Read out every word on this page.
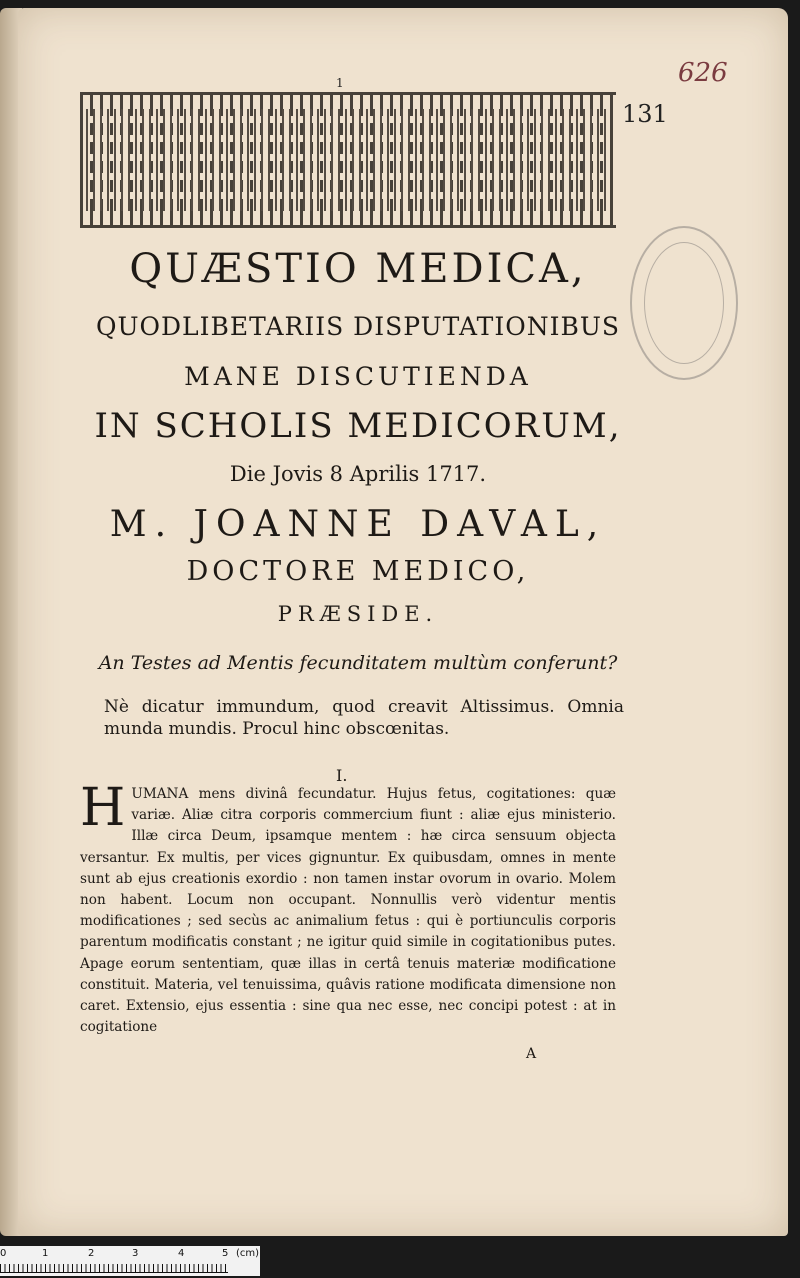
1	626
131
QUÆSTIO MEDICA,
QUODLIBETARIIS DISPUTATIONIBUS
MANE DISCUTIENDA
IN SCHOLIS MEDICORUM,
Die Jovis 8 Aprilis 1717.
M. JOANNE DAVAL,
DOCTORE MEDICO,
PRÆSIDE.
An Testes ad Mentis fecunditatem multùm conferunt?
Nè dicatur immundum, quod creavit Altissimus. Omnia munda mundis. Procul hinc obscœnitas.
I.
HUMANA mens divinâ fecundatur. Hujus fetus, cogitationes: quæ variæ. Aliæ citra corporis commercium fiunt : aliæ ejus ministerio. Illæ circa Deum, ipsamque mentem : hæ circa sensuum objecta versantur. Ex multis, per vices gignuntur. Ex quibusdam, omnes in mente sunt ab ejus creationis exordio : non tamen instar ovorum in ovario. Molem non habent. Locum non occupant. Nonnullis verò videntur mentis modificationes ; sed secùs ac animalium fetus : qui è portiunculis corporis parentum modificatis constant ; ne igitur quid simile in cogitationibus putes. Apage eorum sententiam, quæ illas in certâ tenuis materiæ modificatione constituit. Materia, vel tenuissima, quâvis ratione modificata dimensione non caret. Extensio, ejus essentia : sine qua nec esse, nec concipi potest : at in cogitatione
A
0	1	2	3	4	5 (cm)
